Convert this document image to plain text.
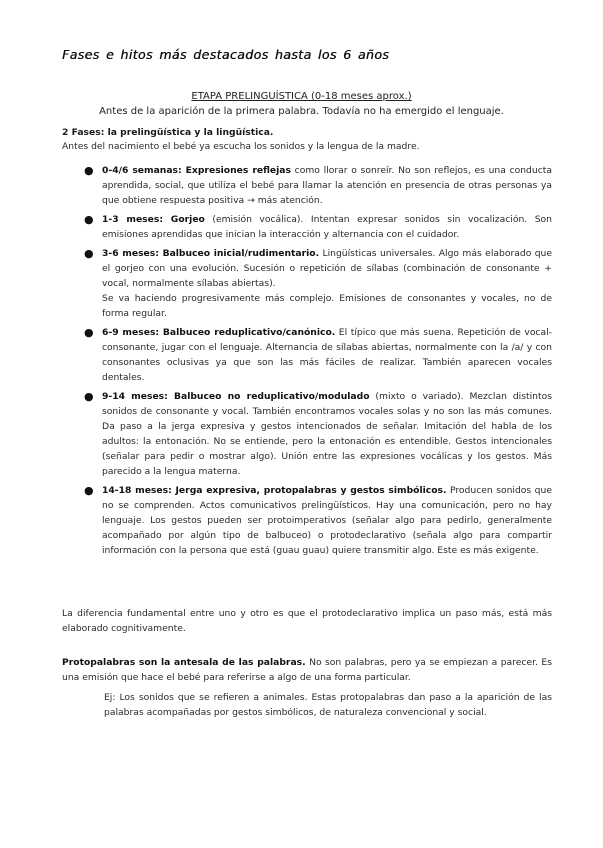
Fases e hitos más destacados hasta los 6 años

ETAPA PRELINGUÍSTICA (0-18 meses aprox.)

Antes de la aparición de la primera palabra. Todavía no ha emergido el lenguaje.

2 Fases: la prelingüística y la lingüística.

Antes del nacimiento el bebé ya escucha los sonidos y la lengua de la madre.

● 0-4/6 semanas: Expresiones reflejas como llorar o sonreír. No son reflejos, es una conducta aprendida, social, que utiliza el bebé para llamar la atención en presencia de otras personas ya que obtiene respuesta positiva → más atención.
● 1-3 meses: Gorjeo (emisión vocálica). Intentan expresar sonidos sin vocalización. Son emisiones aprendidas que inician la interacción y alternancia con el cuidador.
● 3-6 meses: Balbuceo inicial/rudimentario. Lingüísticas universales. Algo más elaborado que el gorjeo con una evolución. Sucesión o repetición de sílabas (combinación de consonante + vocal, normalmente sílabas abiertas).
Se va haciendo progresivamente más complejo. Emisiones de consonantes y vocales, no de forma regular.
● 6-9 meses: Balbuceo reduplicativo/canónico. El típico que más suena. Repetición de vocal-consonante, jugar con el lenguaje. Alternancia de sílabas abiertas, normalmente con la /a/ y con consonantes oclusivas ya que son las más fáciles de realizar. También aparecen vocales dentales.
● 9-14 meses: Balbuceo no reduplicativo/modulado (mixto o variado). Mezclan distintos sonidos de consonante y vocal. También encontramos vocales solas y no son las más comunes. Da paso a la jerga expresiva y gestos intencionados de señalar. Imitación del habla de los adultos: la entonación. No se entiende, pero la entonación es entendible. Gestos intencionales (señalar para pedir o mostrar algo). Unión entre las expresiones vocálicas y los gestos. Más parecido a la lengua materna.
● 14-18 meses: Jerga expresiva, protopalabras y gestos simbólicos. Producen sonidos que no se comprenden. Actos comunicativos prelingüísticos. Hay una comunicación, pero no hay lenguaje. Los gestos pueden ser protoimperativos (señalar algo para pedirlo, generalmente acompañado por algún tipo de balbuceo) o protodeclarativo (señala algo para compartir información con la persona que está (guau guau) quiere transmitir algo. Este es más exigente.

La diferencia fundamental entre uno y otro es que el protodeclarativo implica un paso más, está más elaborado cognitivamente.

Protopalabras son la antesala de las palabras. No son palabras, pero ya se empiezan a parecer. Es una emisión que hace el bebé para referirse a algo de una forma particular.

Ej: Los sonidos que se refieren a animales. Estas protopalabras dan paso a la aparición de las palabras acompañadas por gestos simbólicos, de naturaleza convencional y social.
